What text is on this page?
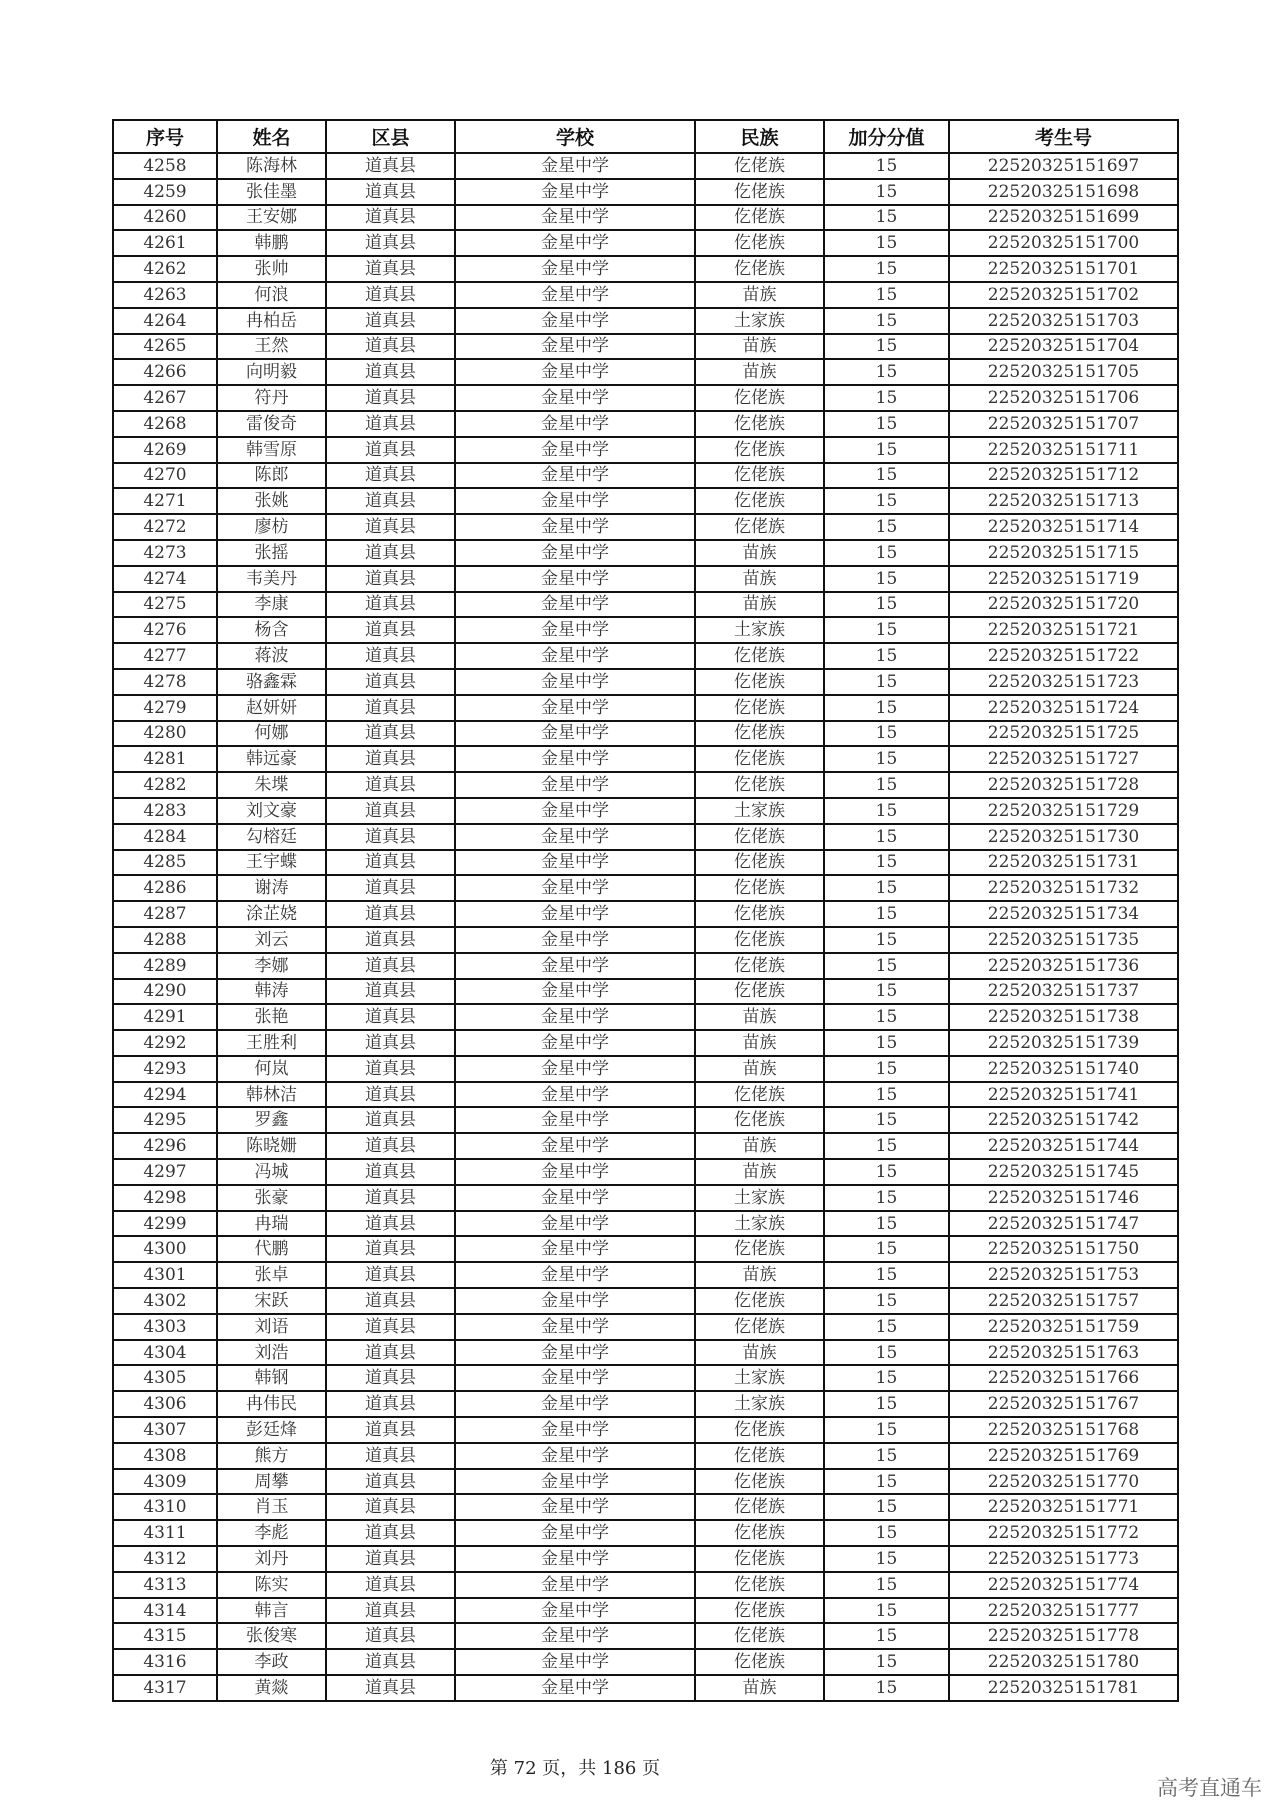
序号	姓名	区县	学校	民族	加分分值	考生号
4258	陈海林	道真县	金星中学	仡佬族	15	22520325151697
4259	张佳墨	道真县	金星中学	仡佬族	15	22520325151698
4260	王安娜	道真县	金星中学	仡佬族	15	22520325151699
4261	韩鹏	道真县	金星中学	仡佬族	15	22520325151700
4262	张帅	道真县	金星中学	仡佬族	15	22520325151701
4263	何浪	道真县	金星中学	苗族	15	22520325151702
4264	冉柏岳	道真县	金星中学	土家族	15	22520325151703
4265	王然	道真县	金星中学	苗族	15	22520325151704
4266	向明毅	道真县	金星中学	苗族	15	22520325151705
4267	符丹	道真县	金星中学	仡佬族	15	22520325151706
4268	雷俊奇	道真县	金星中学	仡佬族	15	22520325151707
4269	韩雪原	道真县	金星中学	仡佬族	15	22520325151711
4270	陈郎	道真县	金星中学	仡佬族	15	22520325151712
4271	张姚	道真县	金星中学	仡佬族	15	22520325151713
4272	廖枋	道真县	金星中学	仡佬族	15	22520325151714
4273	张摇	道真县	金星中学	苗族	15	22520325151715
4274	韦美丹	道真县	金星中学	苗族	15	22520325151719
4275	李康	道真县	金星中学	苗族	15	22520325151720
4276	杨含	道真县	金星中学	土家族	15	22520325151721
4277	蒋波	道真县	金星中学	仡佬族	15	22520325151722
4278	骆鑫霖	道真县	金星中学	仡佬族	15	22520325151723
4279	赵妍妍	道真县	金星中学	仡佬族	15	22520325151724
4280	何娜	道真县	金星中学	仡佬族	15	22520325151725
4281	韩远豪	道真县	金星中学	仡佬族	15	22520325151727
4282	朱堞	道真县	金星中学	仡佬族	15	22520325151728
4283	刘文豪	道真县	金星中学	土家族	15	22520325151729
4284	勾榕廷	道真县	金星中学	仡佬族	15	22520325151730
4285	王宇蝶	道真县	金星中学	仡佬族	15	22520325151731
4286	谢涛	道真县	金星中学	仡佬族	15	22520325151732
4287	涂芷娆	道真县	金星中学	仡佬族	15	22520325151734
4288	刘云	道真县	金星中学	仡佬族	15	22520325151735
4289	李娜	道真县	金星中学	仡佬族	15	22520325151736
4290	韩涛	道真县	金星中学	仡佬族	15	22520325151737
4291	张艳	道真县	金星中学	苗族	15	22520325151738
4292	王胜利	道真县	金星中学	苗族	15	22520325151739
4293	何岚	道真县	金星中学	苗族	15	22520325151740
4294	韩林洁	道真县	金星中学	仡佬族	15	22520325151741
4295	罗鑫	道真县	金星中学	仡佬族	15	22520325151742
4296	陈晓姗	道真县	金星中学	苗族	15	22520325151744
4297	冯城	道真县	金星中学	苗族	15	22520325151745
4298	张豪	道真县	金星中学	土家族	15	22520325151746
4299	冉瑞	道真县	金星中学	土家族	15	22520325151747
4300	代鹏	道真县	金星中学	仡佬族	15	22520325151750
4301	张卓	道真县	金星中学	苗族	15	22520325151753
4302	宋跃	道真县	金星中学	仡佬族	15	22520325151757
4303	刘语	道真县	金星中学	仡佬族	15	22520325151759
4304	刘浩	道真县	金星中学	苗族	15	22520325151763
4305	韩钢	道真县	金星中学	土家族	15	22520325151766
4306	冉伟民	道真县	金星中学	土家族	15	22520325151767
4307	彭廷烽	道真县	金星中学	仡佬族	15	22520325151768
4308	熊方	道真县	金星中学	仡佬族	15	22520325151769
4309	周攀	道真县	金星中学	仡佬族	15	22520325151770
4310	肖玉	道真县	金星中学	仡佬族	15	22520325151771
4311	李彪	道真县	金星中学	仡佬族	15	22520325151772
4312	刘丹	道真县	金星中学	仡佬族	15	22520325151773
4313	陈实	道真县	金星中学	仡佬族	15	22520325151774
4314	韩言	道真县	金星中学	仡佬族	15	22520325151777
4315	张俊寒	道真县	金星中学	仡佬族	15	22520325151778
4316	李政	道真县	金星中学	仡佬族	15	22520325151780
4317	黄燚	道真县	金星中学	苗族	15	22520325151781
第 72 页，共 186 页
高考直通车
